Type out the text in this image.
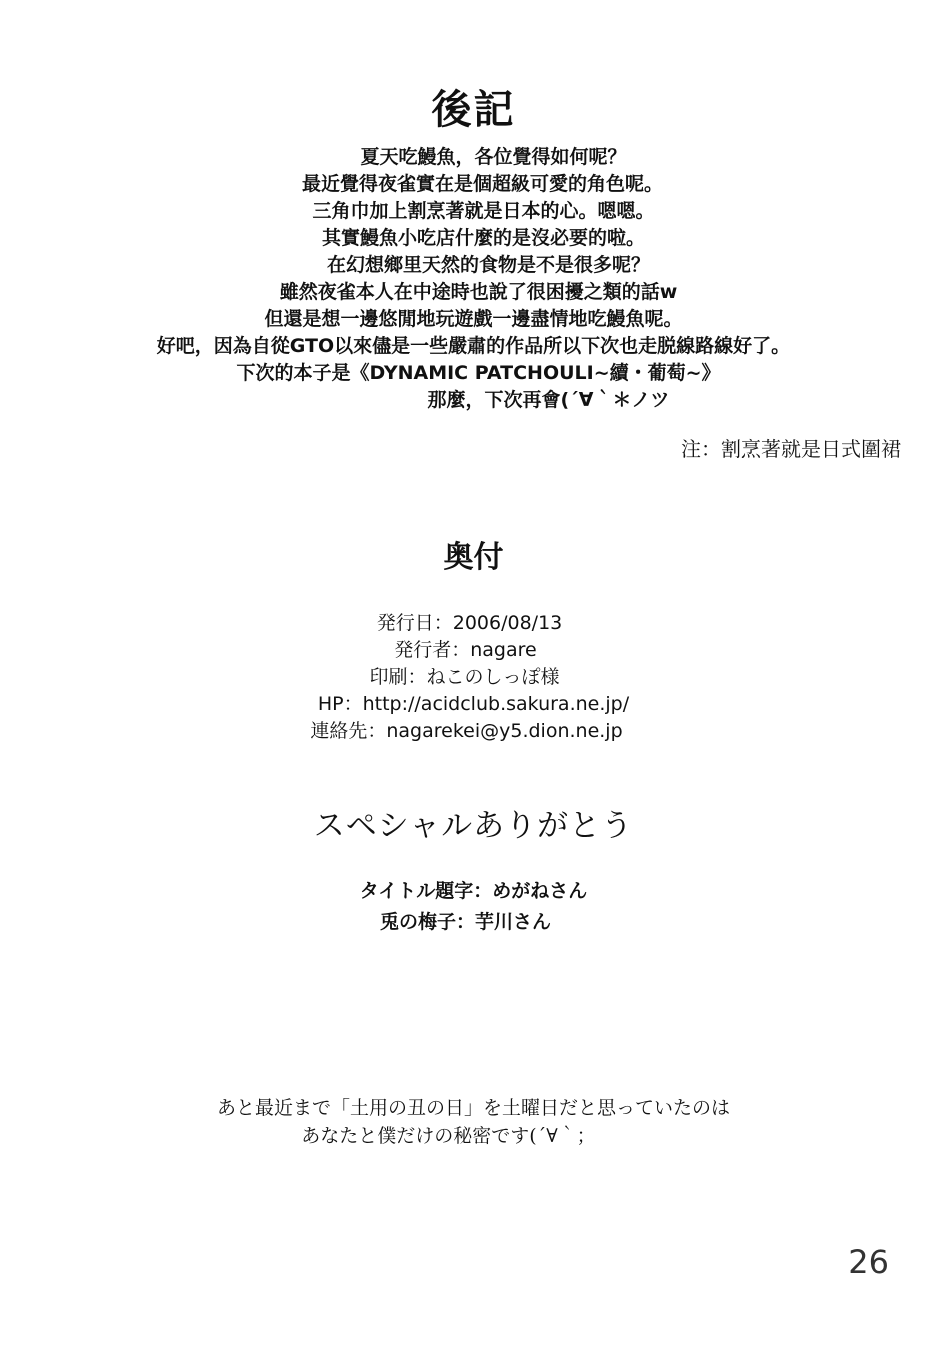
後記
夏天吃鰻魚，各位覺得如何呢？
最近覺得夜雀實在是個超級可愛的角色呢。
三角巾加上割烹著就是日本的心。嗯嗯。
其實鰻魚小吃店什麼的是沒必要的啦。
在幻想鄉里天然的食物是不是很多呢？
雖然夜雀本人在中途時也說了很困擾之類的話w
但還是想一邊悠閒地玩遊戲一邊盡情地吃鰻魚呢。
好吧，因為自從GTO以來儘是一些嚴肅的作品所以下次也走脱線路線好了。
下次的本子是《DYNAMIC PATCHOULI~續・葡萄~》
那麼，下次再會(´∀｀＊ノツ
注：割烹著就是日式圍裙
奥付
発行日：2006/08/13
発行者：nagare
印刷：ねこのしっぽ様
HP：http://acidclub.sakura.ne.jp/
連絡先：nagarekei@y5.dion.ne.jp
スペシャルありがとう
タイトル題字：めがねさん
兎の梅子：芋川さん
あと最近まで「土用の丑の日」を土曜日だと思っていたのは
あなたと僕だけの秘密です(´∀｀；
26
